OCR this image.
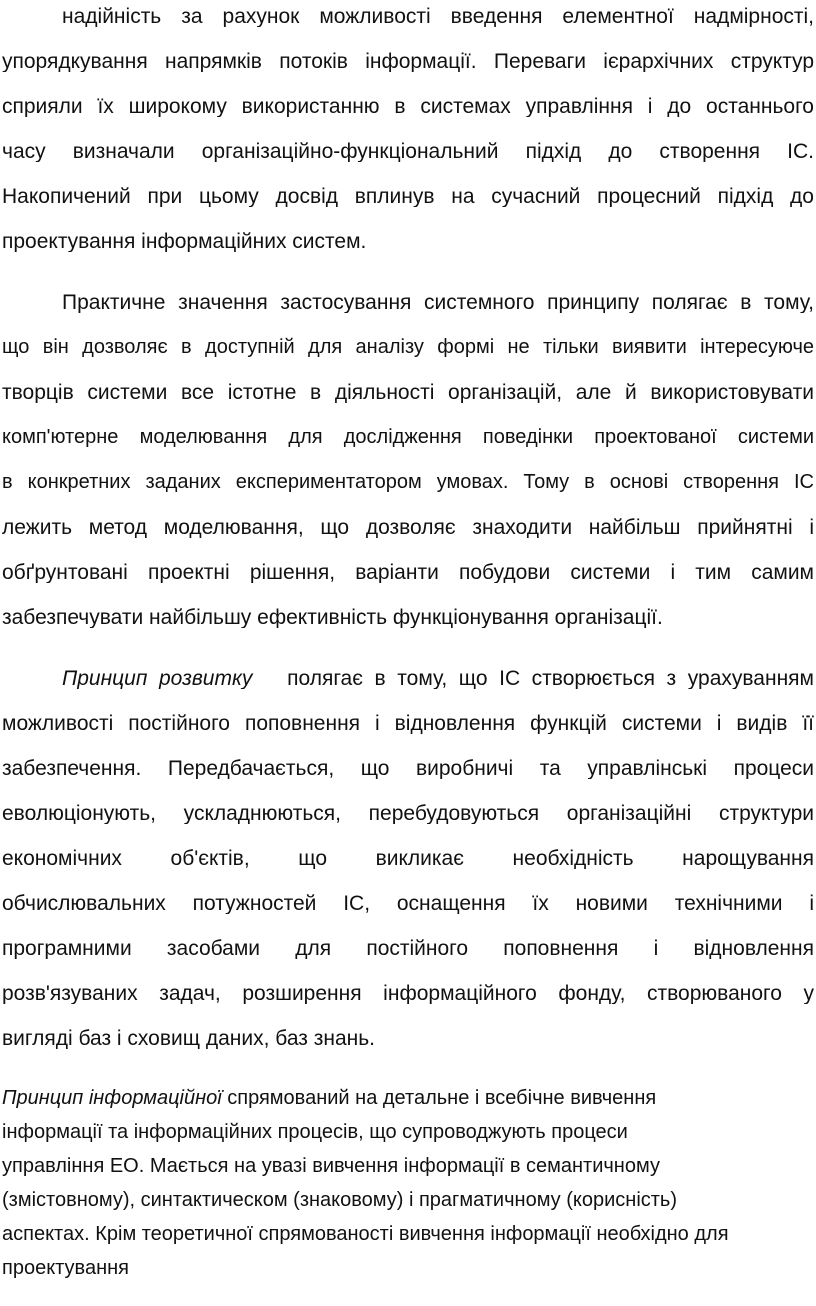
надійність за рахунок можливості введення елементної надмірності,
упорядкування напрямків потоків інформації. Переваги ієрархічних структур
сприяли їх широкому використанню в системах управління і до останнього
часу визначали організаційно-функціональний підхід до створення ІС.
Накопичений при цьому досвід вплинув на сучасний процесний підхід до
проектування інформаційних систем.
Практичне значення застосування системного принципу полягає в тому,
що він дозволяє в доступній для аналізу формі не тільки виявити інтересуюче
творців системи все істотне в діяльності організацій, але й використовувати
комп'ютерне моделювання для дослідження поведінки проектованої системи
в конкретних заданих експериментатором умовах. Тому в основі створення ІС
лежить метод моделювання, що дозволяє знаходити найбільш прийнятні і
обґрунтовані проектні рішення, варіанти побудови системи і тим самим
забезпечувати найбільшу ефективність функціонування організації.
Принцип розвитку полягає в тому, що ІС створюється з урахуванням
можливості постійного поповнення і відновлення функцій системи і видів її
забезпечення. Передбачається, що виробничі та управлінські процеси
еволюціонують, ускладнюються, перебудовуються організаційні структури
економічних об'єктів, що викликає необхідність нарощування
обчислювальних потужностей ІС, оснащення їх новими технічними і
програмними засобами для постійного поповнення і відновлення
розв'язуваних задач, розширення інформаційного фонду, створюваного у
вигляді баз і сховищ даних, баз знань.
Принцип інформаційної спрямований на детальне і всебічне вивчення
інформації та інформаційних процесів, що супроводжують процеси
управління ЕО. Мається на увазі вивчення інформації в семантичному
(змістовному), синтактическом (знаковому) і прагматичному (корисність)
аспектах. Крім теоретичної спрямованості вивчення інформації необхідно для
проектування
